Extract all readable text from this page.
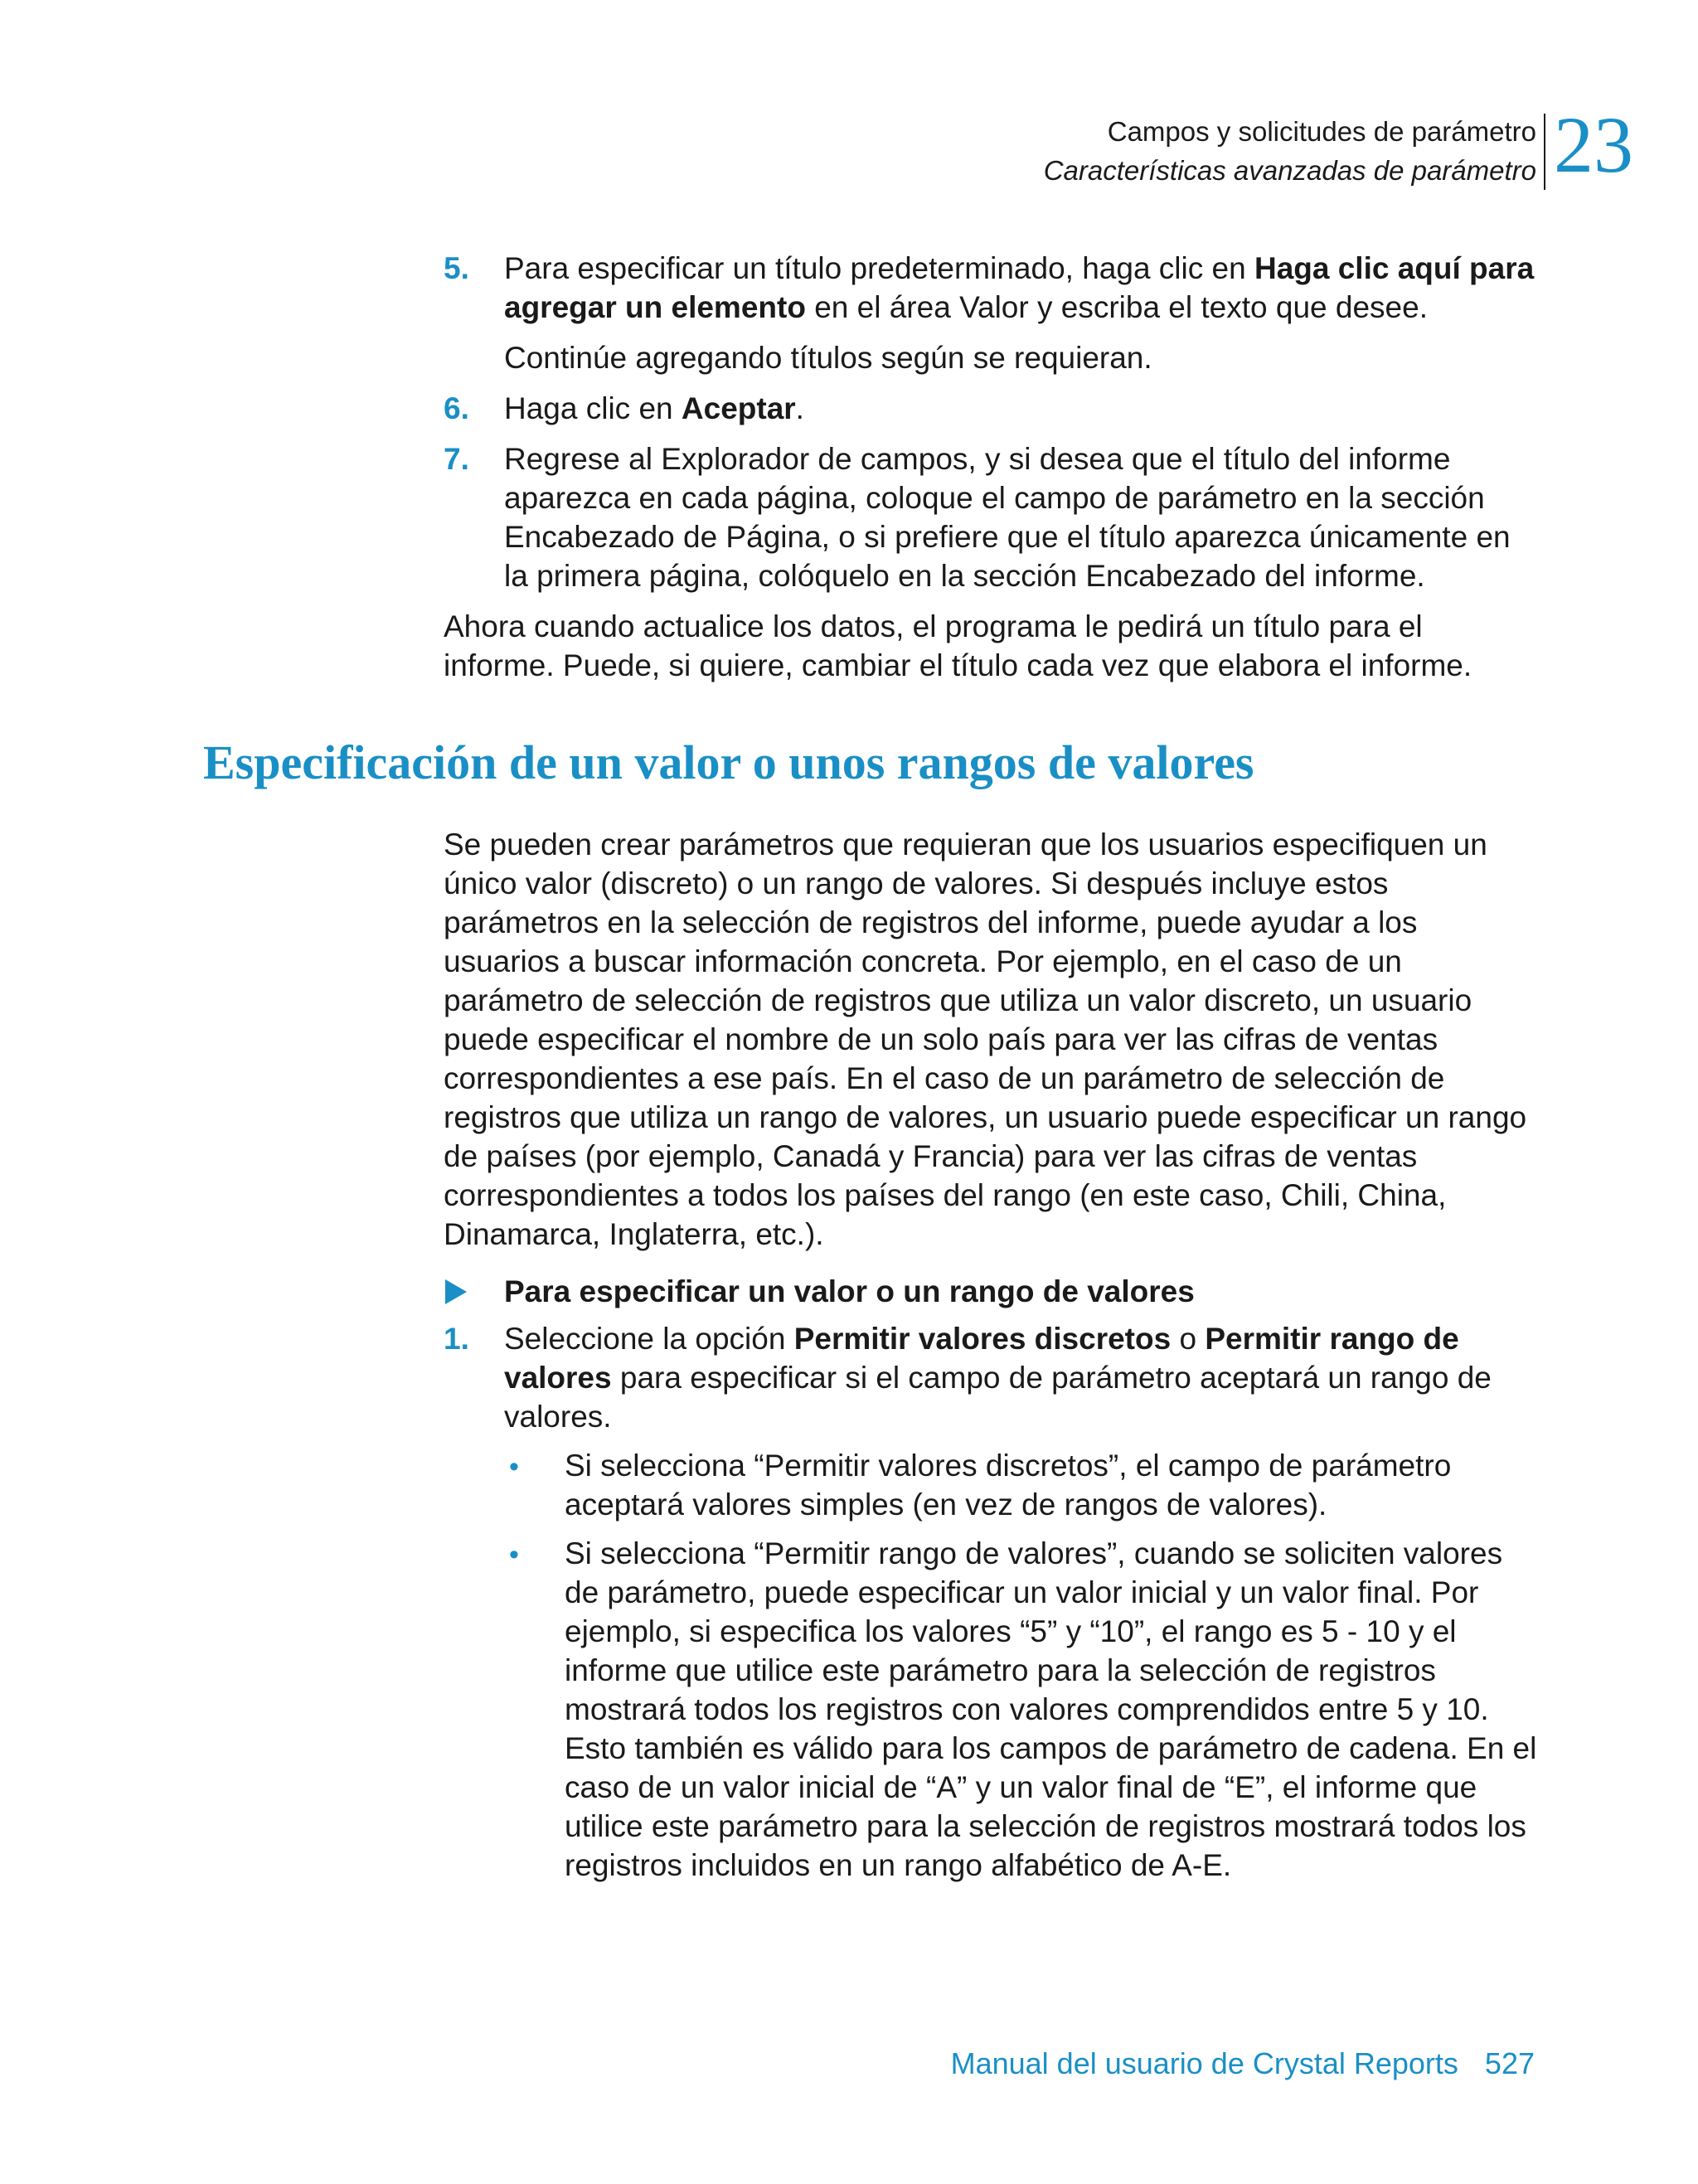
Campos y solicitudes de parámetro
Características avanzadas de parámetro 23
5. Para especificar un título predeterminado, haga clic en Haga clic aquí para agregar un elemento en el área Valor y escriba el texto que desee.
Continúe agregando títulos según se requieran.
6. Haga clic en Aceptar.
7. Regrese al Explorador de campos, y si desea que el título del informe aparezca en cada página, coloque el campo de parámetro en la sección Encabezado de Página, o si prefiere que el título aparezca únicamente en la primera página, colóquelo en la sección Encabezado del informe.

Ahora cuando actualice los datos, el programa le pedirá un título para el informe. Puede, si quiere, cambiar el título cada vez que elabora el informe.

Especificación de un valor o unos rangos de valores

Se pueden crear parámetros que requieran que los usuarios especifiquen un único valor (discreto) o un rango de valores. Si después incluye estos parámetros en la selección de registros del informe, puede ayudar a los usuarios a buscar información concreta. Por ejemplo, en el caso de un parámetro de selección de registros que utiliza un valor discreto, un usuario puede especificar el nombre de un solo país para ver las cifras de ventas correspondientes a ese país. En el caso de un parámetro de selección de registros que utiliza un rango de valores, un usuario puede especificar un rango de países (por ejemplo, Canadá y Francia) para ver las cifras de ventas correspondientes a todos los países del rango (en este caso, Chili, China, Dinamarca, Inglaterra, etc.).

Para especificar un valor o un rango de valores
1. Seleccione la opción Permitir valores discretos o Permitir rango de valores para especificar si el campo de parámetro aceptará un rango de valores.
• Si selecciona “Permitir valores discretos”, el campo de parámetro aceptará valores simples (en vez de rangos de valores).
• Si selecciona “Permitir rango de valores”, cuando se soliciten valores de parámetro, puede especificar un valor inicial y un valor final. Por ejemplo, si especifica los valores “5” y “10”, el rango es 5 - 10 y el informe que utilice este parámetro para la selección de registros mostrará todos los registros con valores comprendidos entre 5 y 10. Esto también es válido para los campos de parámetro de cadena. En el caso de un valor inicial de “A” y un valor final de “E”, el informe que utilice este parámetro para la selección de registros mostrará todos los registros incluidos en un rango alfabético de A-E.
Manual del usuario de Crystal Reports 527
